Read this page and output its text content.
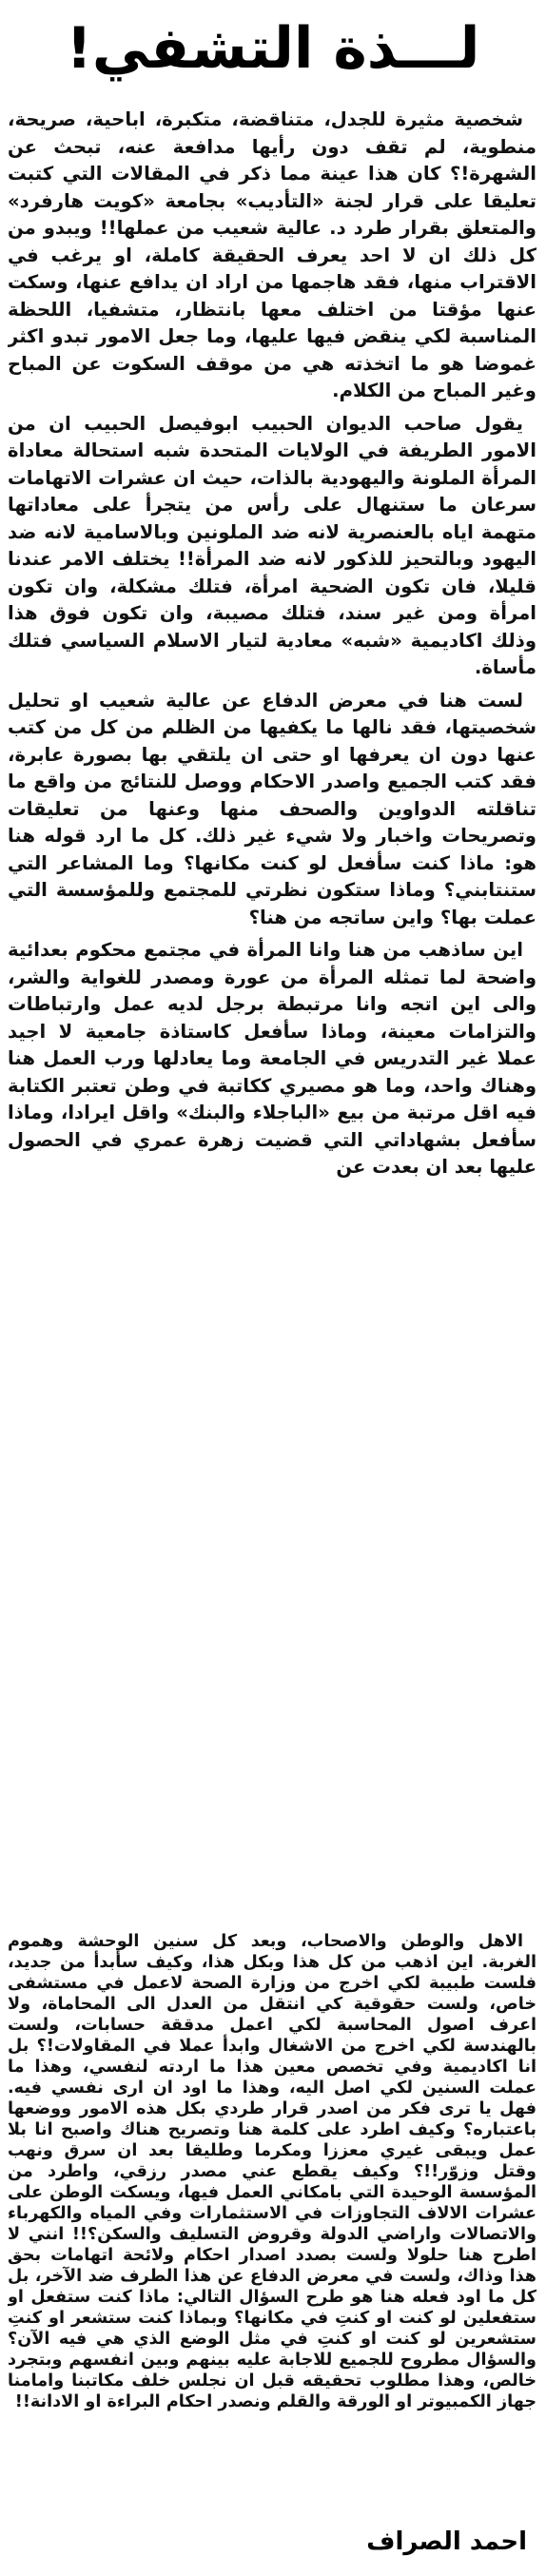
لـــذة التشفي!

شخصية مثيرة للجدل، متناقضة، متكبرة، اباحية، صريحة، منطوية، لم تقف دون رأيها مدافعة عنه، تبحث عن الشهرة!؟ كان هذا عينة مما ذكر في المقالات التي كتبت تعليقا على قرار لجنة «التأديب» بجامعة «كويت هارفرد» والمتعلق بقرار طرد د. عالية شعيب من عملها!! ويبدو من كل ذلك ان لا احد يعرف الحقيقة كاملة، او يرغب في الاقتراب منها، فقد هاجمها من اراد ان يدافع عنها، وسكت عنها مؤقتا من اختلف معها بانتظار، متشفيا، اللحظة المناسبة لكي ينقض فيها عليها، وما جعل الامور تبدو اكثر غموضا هو ما اتخذته هي من موقف السكوت عن المباح وغير المباح من الكلام.

يقول صاحب الديوان الحبيب ابوفيصل الحبيب ان من الامور الطريفة في الولايات المتحدة شبه استحالة معاداة المرأة الملونة واليهودية بالذات، حيث ان عشرات الاتهامات سرعان ما ستنهال على رأس من يتجرأ على معاداتها متهمة اياه بالعنصرية لانه ضد الملونين وبالاسامية لانه ضد اليهود وبالتحيز للذكور لانه ضد المرأة!! يختلف الامر عندنا قليلا، فان تكون الضحية امرأة، فتلك مشكلة، وان تكون امرأة ومن غير سند، فتلك مصيبة، وان تكون فوق هذا وذلك اكاديمية «شبه» معادية لتيار الاسلام السياسي فتلك مأساة.

لست هنا في معرض الدفاع عن عالية شعيب او تحليل شخصيتها، فقد نالها ما يكفيها من الظلم من كل من كتب عنها دون ان يعرفها او حتى ان يلتقي بها بصورة عابرة، فقد كتب الجميع واصدر الاحكام ووصل للنتائج من واقع ما تناقلته الدواوين والصحف منها وعنها من تعليقات وتصريحات واخبار ولا شيء غير ذلك. كل ما ارد قوله هنا هو: ماذا كنت سأفعل لو كنت مكانها؟ وما المشاعر التي ستنتابني؟ وماذا ستكون نظرتي للمجتمع وللمؤسسة التي عملت بها؟ واين ساتجه من هنا؟

اين ساذهب من هنا وانا المرأة في مجتمع محكوم بعدائية واضحة لما تمثله المرأة من عورة ومصدر للغواية والشر، والى اين اتجه وانا مرتبطة برجل لديه عمل وارتباطات والتزامات معينة، وماذا سأفعل كاستاذة جامعية لا اجيد عملا غير التدريس في الجامعة وما يعادلها ورب العمل هنا وهناك واحد، وما هو مصيري ككاتبة في وطن تعتبر الكتابة فيه اقل مرتبة من بيع «الباجلاء والبنك» واقل ايرادا، وماذا سأفعل بشهاداتي التي قضيت زهرة عمري في الحصول عليها بعد ان بعدت عن

الاهل والوطن والاصحاب، وبعد كل سنين الوحشة وهموم الغربة. اين اذهب من كل هذا وبكل هذا، وكيف سأبدأ من جديد، فلست طبيبة لكي اخرج من وزارة الصحة لاعمل في مستشفى خاص، ولست حقوقية كي انتقل من العدل الى المحاماة، ولا اعرف اصول المحاسبة لكي اعمل مدققة حسابات، ولست بالهندسة لكي اخرج من الاشغال وابدأ عملا في المقاولات!؟ بل انا اكاديمية وفي تخصص معين هذا ما اردته لنفسي، وهذا ما عملت السنين لكي اصل اليه، وهذا ما اود ان ارى نفسي فيه. فهل يا ترى فكر من اصدر قرار طردي بكل هذه الامور ووضعها باعتباره؟ وكيف اطرد على كلمة هنا وتصريح هناك واصبح انا بلا عمل ويبقى غيري معززا ومكرما وطليقا بعد ان سرق ونهب وقتل وزوّر!!؟ وكيف يقطع عني مصدر رزقي، واطرد من المؤسسة الوحيدة التي بامكاني العمل فيها، ويسكت الوطن على عشرات الالاف التجاوزات في الاستثمارات وفي المياه والكهرباء والاتصالات واراضي الدولة وقروض التسليف والسكن؟!! انني لا اطرح هنا حلولا ولست بصدد اصدار احكام ولائحة اتهامات بحق هذا وذاك، ولست في معرض الدفاع عن هذا الطرف ضد الآخر، بل كل ما اود فعله هنا هو طرح السؤال التالي: ماذا كنت ستفعل او ستفعلين لو كنت او كنتِ في مكانها؟ وبماذا كنت ستشعر او كنتِ ستشعرين لو كنت او كنتِ في مثل الوضع الذي هي فيه الآن؟ والسؤال مطروح للجميع للاجابة عليه بينهم وبين انفسهم وبتجرد خالص، وهذا مطلوب تحقيقه قبل ان نجلس خلف مكاتبنا وامامنا جهاز الكمبيوتر او الورقة والقلم ونصدر احكام البراءة او الادانة!!

احمد الصراف
